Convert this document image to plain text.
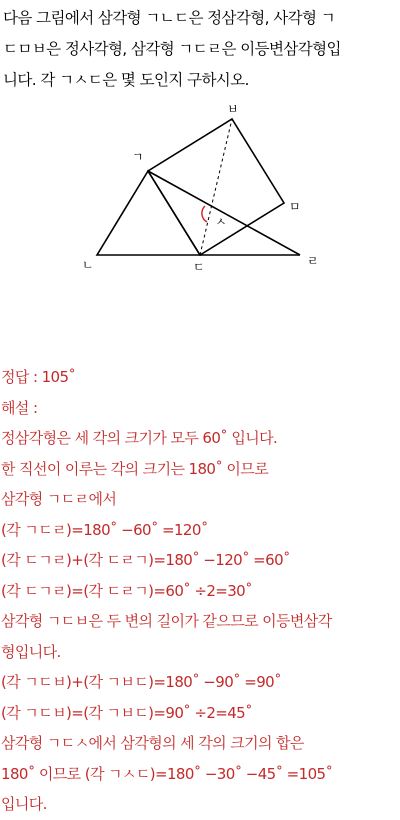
다음 그림에서 삼각형 ㄱㄴㄷ은 정삼각형, 사각형 ㄱ
ㄷㅁㅂ은 정사각형, 삼각형 ㄱㄷㄹ은 이등변삼각형입
니다. 각 ㄱㅅㄷ은 몇 도인지 구하시오.
ㄱ
ㄴ	ㄷ	ㄹ
ㅁ
ㅂ
ㅅ
정답 : 105˚
해설 :
정삼각형은 세 각의 크기가 모두 60˚ 입니다.
한 직선이 이루는 각의 크기는 180˚ 이므로
삼각형 ㄱㄷㄹ에서
(각 ㄱㄷㄹ)=180˚ −60˚ =120˚
(각 ㄷㄱㄹ)+(각 ㄷㄹㄱ)=180˚ −120˚ =60˚
(각 ㄷㄱㄹ)=(각 ㄷㄹㄱ)=60˚ ÷2=30˚
삼각형 ㄱㄷㅂ은 두 변의 길이가 같으므로 이등변삼각
형입니다.
(각 ㄱㄷㅂ)+(각 ㄱㅂㄷ)=180˚ −90˚ =90˚
(각 ㄱㄷㅂ)=(각 ㄱㅂㄷ)=90˚ ÷2=45˚
삼각형 ㄱㄷㅅ에서 삼각형의 세 각의 크기의 합은
180˚ 이므로 (각 ㄱㅅㄷ)=180˚ −30˚ −45˚ =105˚
입니다.
